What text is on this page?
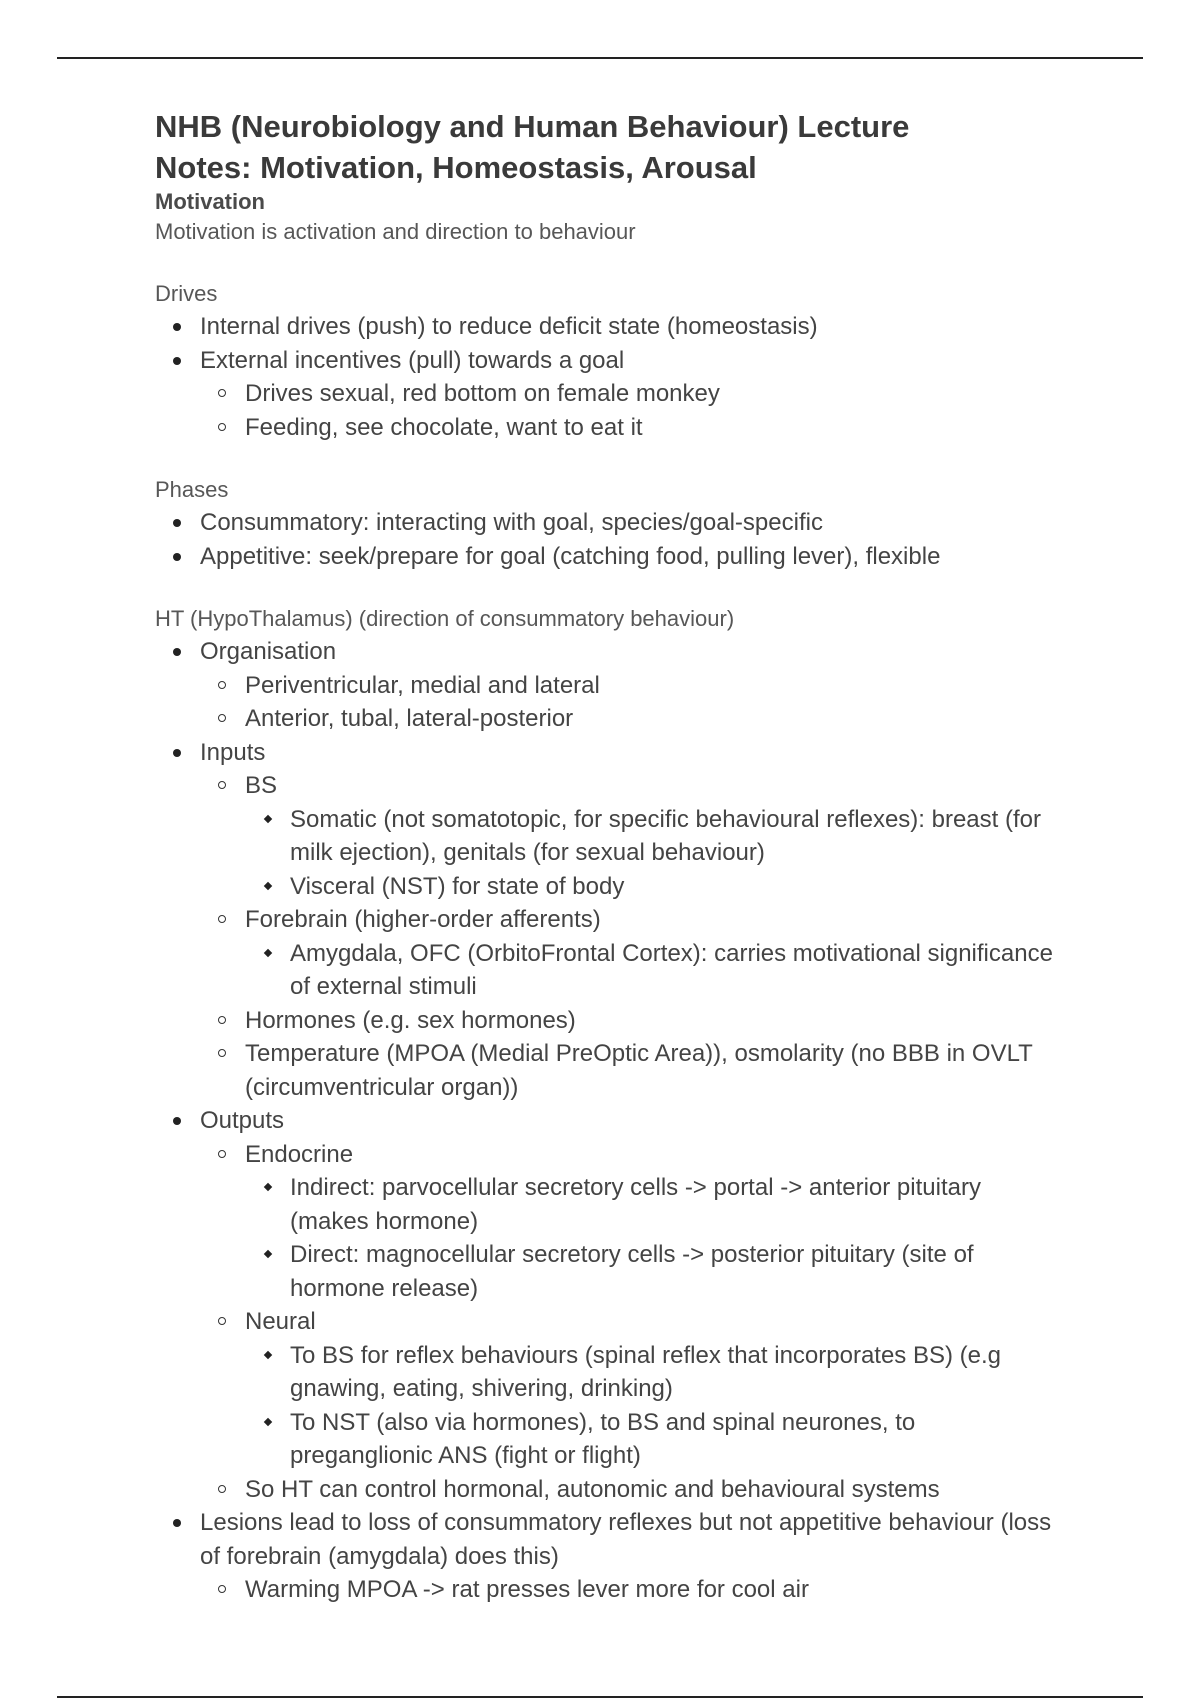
NHB (Neurobiology and Human Behaviour) Lecture
Notes: Motivation, Homeostasis, Arousal
Motivation
Motivation is activation and direction to behaviour
Drives
Internal drives (push) to reduce deficit state (homeostasis)
External incentives (pull) towards a goal
Drives sexual, red bottom on female monkey
Feeding, see chocolate, want to eat it
Phases
Consummatory: interacting with goal, species/goal-specific
Appetitive: seek/prepare for goal (catching food, pulling lever), flexible
HT (HypoThalamus) (direction of consummatory behaviour)
Organisation
Periventricular, medial and lateral
Anterior, tubal, lateral-posterior
Inputs
BS
Somatic (not somatotopic, for specific behavioural reflexes): breast (for milk ejection), genitals (for sexual behaviour)
Visceral (NST) for state of body
Forebrain (higher-order afferents)
Amygdala, OFC (OrbitoFrontal Cortex): carries motivational significance of external stimuli
Hormones (e.g. sex hormones)
Temperature (MPOA (Medial PreOptic Area)), osmolarity (no BBB in OVLT (circumventricular organ))
Outputs
Endocrine
Indirect: parvocellular secretory cells -> portal -> anterior pituitary (makes hormone)
Direct: magnocellular secretory cells -> posterior pituitary (site of hormone release)
Neural
To BS for reflex behaviours (spinal reflex that incorporates BS) (e.g gnawing, eating, shivering, drinking)
To NST (also via hormones), to BS and spinal neurones, to preganglionic ANS (fight or flight)
So HT can control hormonal, autonomic and behavioural systems
Lesions lead to loss of consummatory reflexes but not appetitive behaviour (loss of forebrain (amygdala) does this)
Warming MPOA -> rat presses lever more for cool air
